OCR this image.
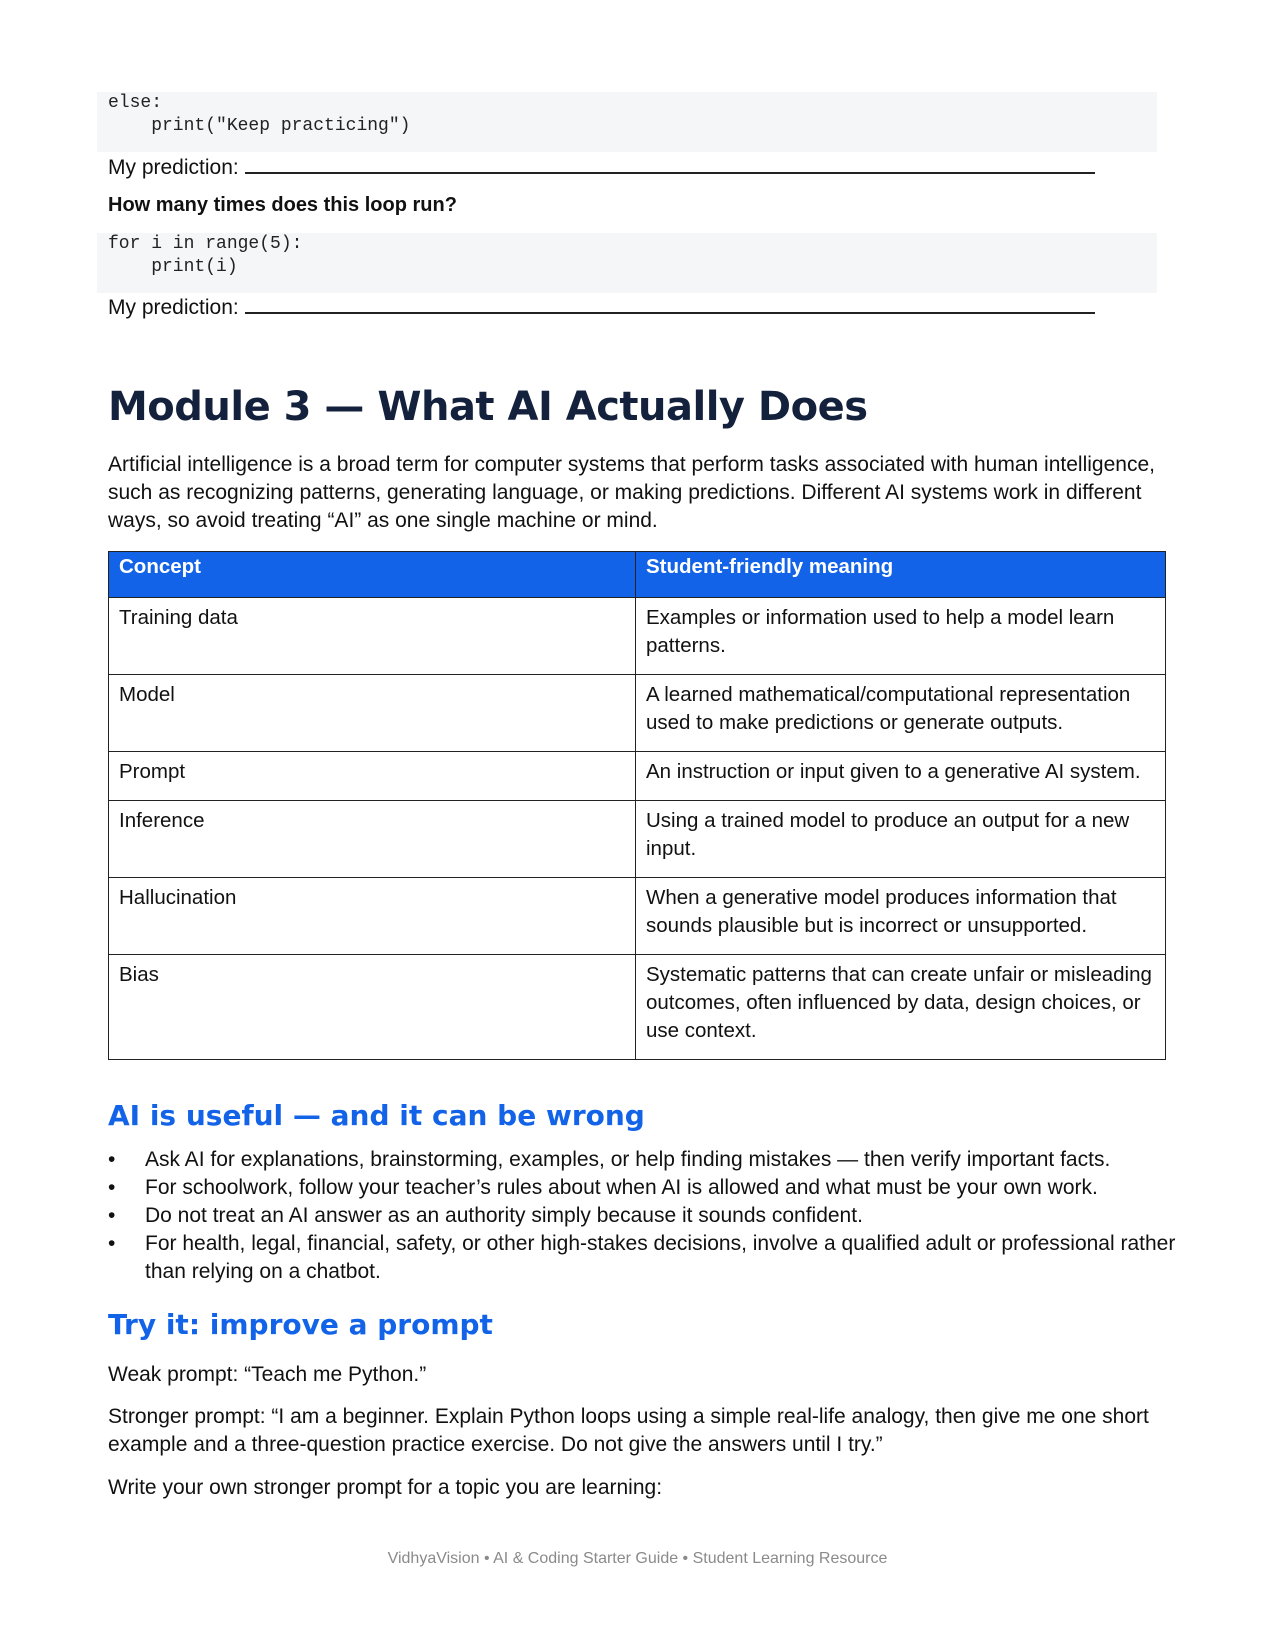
else:
print("Keep practicing")
My prediction:
How many times does this loop run?
for i in range(5):
print(i)
My prediction:
Module 3 — What AI Actually Does
Artificial intelligence is a broad term for computer systems that perform tasks associated with human intelligence, such as recognizing patterns, generating language, or making predictions. Different AI systems work in different ways, so avoid treating “AI” as one single machine or mind.
Concept	Student-friendly meaning
Training data	Examples or information used to help a model learn patterns.
Model	A learned mathematical/computational representation used to make predictions or generate outputs.
Prompt	An instruction or input given to a generative AI system.
Inference	Using a trained model to produce an output for a new input.
Hallucination	When a generative model produces information that sounds plausible but is incorrect or unsupported.
Bias	Systematic patterns that can create unfair or misleading outcomes, often influenced by data, design choices, or use context.
AI is useful — and it can be wrong
• Ask AI for explanations, brainstorming, examples, or help finding mistakes — then verify important facts.
• For schoolwork, follow your teacher’s rules about when AI is allowed and what must be your own work.
• Do not treat an AI answer as an authority simply because it sounds confident.
• For health, legal, financial, safety, or other high-stakes decisions, involve a qualified adult or professional rather than relying on a chatbot.
Try it: improve a prompt
Weak prompt: “Teach me Python.”
Stronger prompt: “I am a beginner. Explain Python loops using a simple real-life analogy, then give me one short example and a three-question practice exercise. Do not give the answers until I try.”
Write your own stronger prompt for a topic you are learning:
VidhyaVision • AI & Coding Starter Guide • Student Learning Resource
